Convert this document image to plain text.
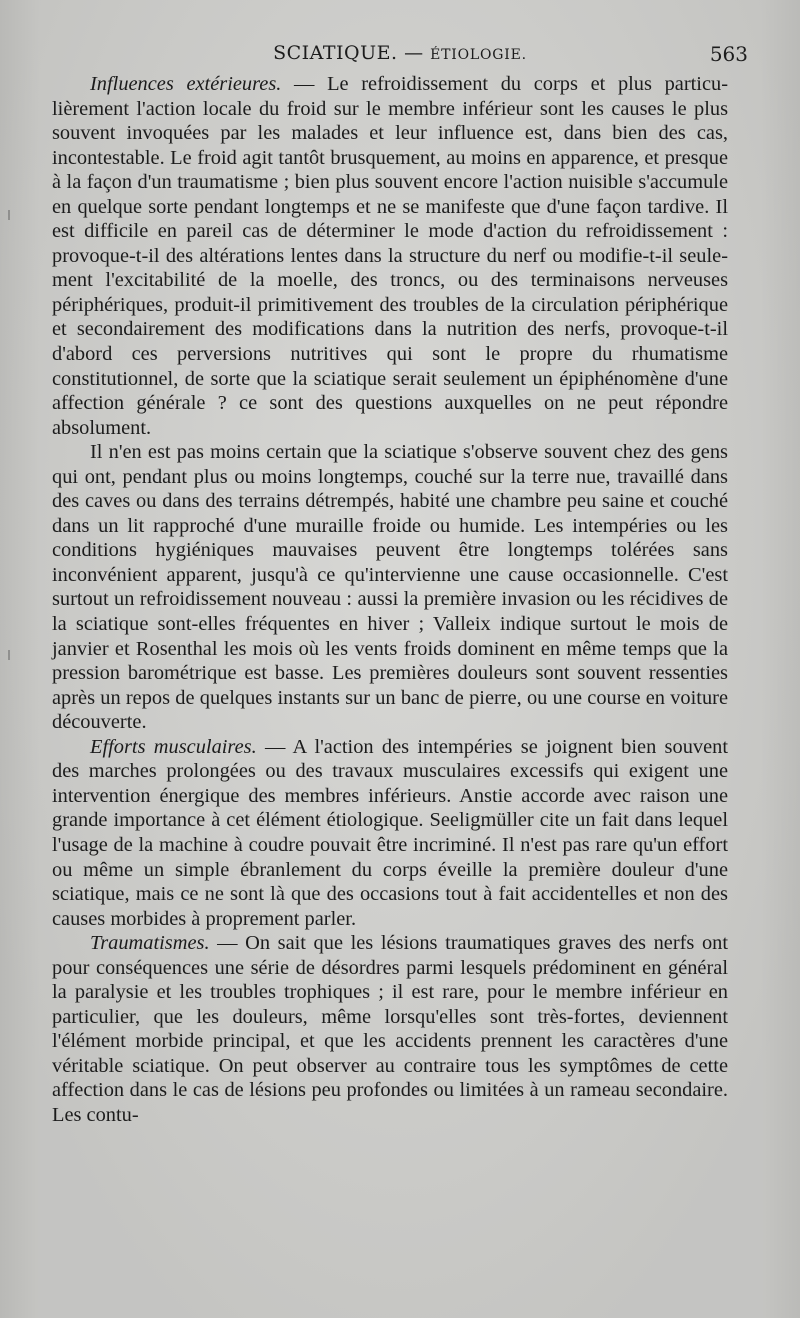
SCIATIQUE. — ÉTIOLOGIE.	563

Influences extérieures. — Le refroidissement du corps et plus particulièrement l'action locale du froid sur le membre inférieur sont les causes le plus souvent invoquées par les malades et leur influence est, dans bien des cas, incontestable. Le froid agit tantôt brusquement, au moins en apparence, et presque à la façon d'un traumatisme ; bien plus souvent encore l'action nuisible s'accumule en quelque sorte pendant longtemps et ne se manifeste que d'une façon tardive. Il est difficile en pareil cas de déterminer le mode d'action du refroidissement : provoque-t-il des altérations lentes dans la structure du nerf ou modifie-t-il seulement l'excitabilité de la moelle, des troncs, ou des terminaisons nerveuses périphériques, produit-il primitivement des troubles de la circulation périphérique et secondairement des modifications dans la nutrition des nerfs, provoque-t-il d'abord ces perversions nutritives qui sont le propre du rhumatisme constitutionnel, de sorte que la sciatique serait seulement un épiphénomène d'une affection générale ? ce sont des questions auxquelles on ne peut répondre absolument.

Il n'en est pas moins certain que la sciatique s'observe souvent chez des gens qui ont, pendant plus ou moins longtemps, couché sur la terre nue, travaillé dans des caves ou dans des terrains détrempés, habité une chambre peu saine et couché dans un lit rapproché d'une muraille froide ou humide. Les intempéries ou les conditions hygiéniques mauvaises peuvent être longtemps tolérées sans inconvénient apparent, jusqu'à ce qu'intervienne une cause occasionnelle. C'est surtout un refroidissement nouveau : aussi la première invasion ou les récidives de la sciatique sont-elles fréquentes en hiver ; Valleix indique surtout le mois de janvier et Rosenthal les mois où les vents froids dominent en même temps que la pression barométrique est basse. Les premières douleurs sont souvent ressenties après un repos de quelques instants sur un banc de pierre, ou une course en voiture découverte.

Efforts musculaires. — A l'action des intempéries se joignent bien souvent des marches prolongées ou des travaux musculaires excessifs qui exigent une intervention énergique des membres inférieurs. Anstie accorde avec raison une grande importance à cet élément étiologique. Seeligmüller cite un fait dans lequel l'usage de la machine à coudre pouvait être incriminé. Il n'est pas rare qu'un effort ou même un simple ébranlement du corps éveille la première douleur d'une sciatique, mais ce ne sont là que des occasions tout à fait accidentelles et non des causes morbides à proprement parler.

Traumatismes. — On sait que les lésions traumatiques graves des nerfs ont pour conséquences une série de désordres parmi lesquels prédominent en général la paralysie et les troubles trophiques ; il est rare, pour le membre inférieur en particulier, que les douleurs, même lorsqu'elles sont très-fortes, deviennent l'élément morbide principal, et que les accidents prennent les caractères d'une véritable sciatique. On peut observer au contraire tous les symptômes de cette affection dans le cas de lésions peu profondes ou limitées à un rameau secondaire. Les contu-
